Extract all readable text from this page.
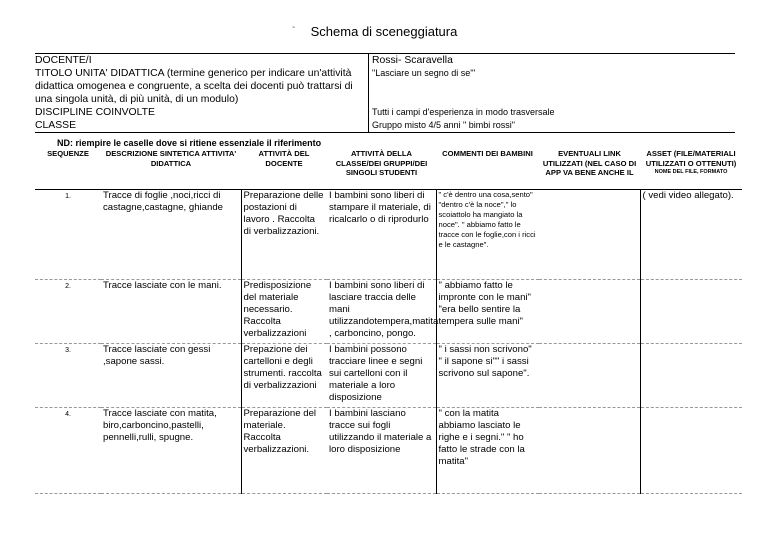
-	Schema di sceneggiatura
DOCENTE/I	Rossi- Scaravella
TITOLO UNITA' DIDATTICA (termine generico per indicare un'attività didattica omogenea e congruente, a scelta dei docenti può trattarsi di una singola unità, di più unità, di un modulo)
"Lasciare un segno di se'"
DISCIPLINE COINVOLTE	Tutti i campi d'esperienza in modo trasversale
CLASSE	Gruppo misto 4/5 anni " bimbi rossi"
ND: riempire le caselle dove si ritiene essenziale il riferimento
SEQUENZE	DESCRIZIONE SINTETICA ATTIVITA' DIDATTICA	ATTIVITÀ DEL DOCENTE	ATTIVITÀ DELLA CLASSE/DEI GRUPPI/DEI SINGOLI STUDENTI	COMMENTI DEI BAMBINI	EVENTUALI LINK UTILIZZATI (NEL CASO DI APP VA BENE ANCHE IL	ASSET (FILE/MATERIALI UTILIZZATI O OTTENUTI)
NOME DEL FILE, FORMATO

1.	Tracce di foglie ,noci,ricci di castagne,castagne, ghiande	Preparazione delle postazioni di lavoro . Raccolta di verbalizzazioni.	I bambini sono liberi di stampare il materiale, di ricalcarlo o di riprodurlo	" c'è dentro una cosa,sento" "dentro c'è la noce"," lo scoiattolo ha mangiato la noce". " abbiamo fatto le tracce con le foglie,con i ricci e le castagne".		( vedi video allegato).
2.	Tracce lasciate con le mani.	Predisposizione del materiale necessario. Raccolta verbalizzazioni	I bambini sono liberi di lasciare traccia delle mani utilizzandotempera,matita , carboncino, pongo.	" abbiamo fatto le impronte con le mani" "era bello sentire la tempera sulle mani"		
3.	Tracce lasciate con gessi ,sapone sassi.	Prepazione dei cartelloni e degli strumenti. raccolta di verbalizzazioni	I bambini possono tracciare linee e segni sui cartelloni con il materiale a loro disposizione	" i sassi non scrivono" " il sapone si"" i sassi scrivono sul sapone".		
4.	Tracce lasciate con matita, biro,carboncino,pastelli, pennelli,rulli, spugne.	Preparazione del materiale. Raccolta verbalizzazioni.	I bambini lasciano tracce sui fogli utilizzando il materiale a loro disposizione	" con la matita abbiamo lasciato le righe e i segni." " ho fatto le strade con la matita"		
